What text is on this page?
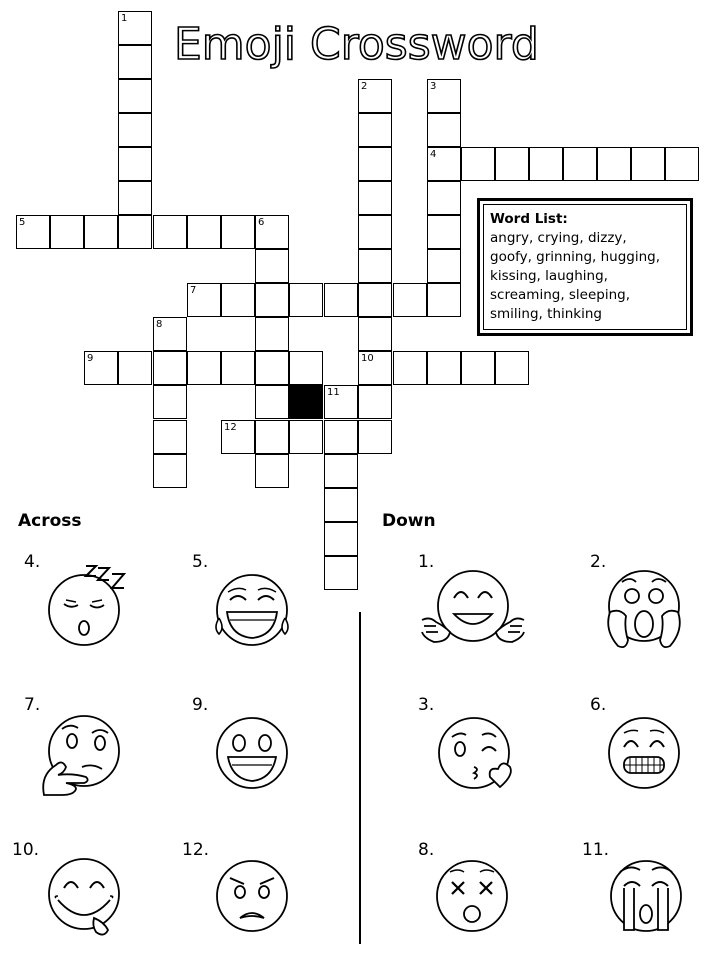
Emoji Crossword
1
2	3
4
5	6
7
8
9	10
11
12
Word List:
angry, crying, dizzy,
goofy, grinning, hugging,
kissing, laughing,
screaming, sleeping,
smiling, thinking
Across	Down
4.	5.
7.	9.
10.	12.
1.	2.
3.	6.
8.	11.
